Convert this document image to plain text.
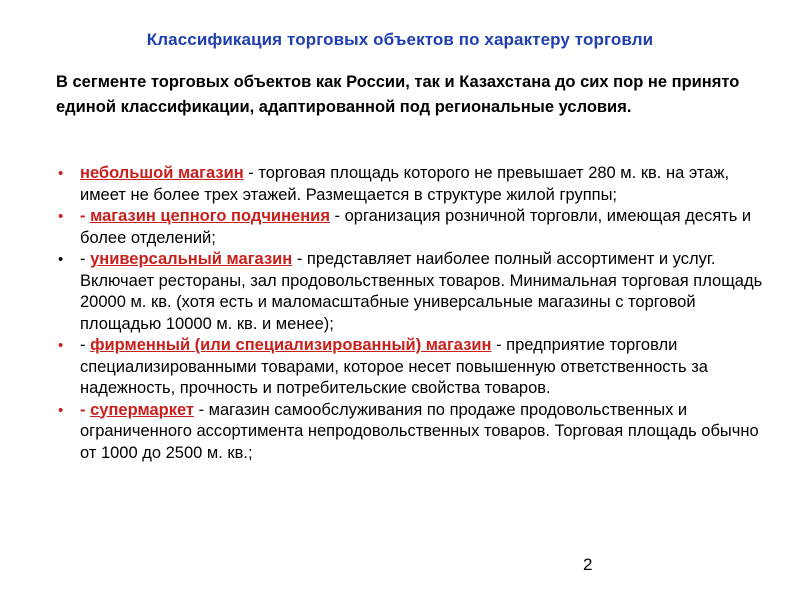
Классификация торговых объектов по характеру торговли
В сегменте торговых объектов как России, так и Казахстана до сих пор не принято единой классификации, адаптированной под региональные условия.
• небольшой магазин - торговая площадь которого не превышает 280 м. кв. на этаж, имеет не более трех этажей. Размещается в структуре жилой группы;
• - магазин цепного подчинения - организация розничной торговли, имеющая десять и более отделений;
• - универсальный магазин - представляет наиболее полный ассортимент и услуг. Включает рестораны, зал продовольственных товаров. Минимальная торговая площадь 20000 м. кв. (хотя есть и маломасштабные универсальные магазины с торговой площадью 10000 м. кв. и менее);
• - фирменный (или специализированный) магазин - предприятие торговли специализированными товарами, которое несет повышенную ответственность за надежность, прочность и потребительские свойства товаров.
• - супермаркет - магазин самообслуживания по продаже продовольственных и ограниченного ассортимента непродовольственных товаров. Торговая площадь обычно от 1000 до 2500 м. кв.;
2
